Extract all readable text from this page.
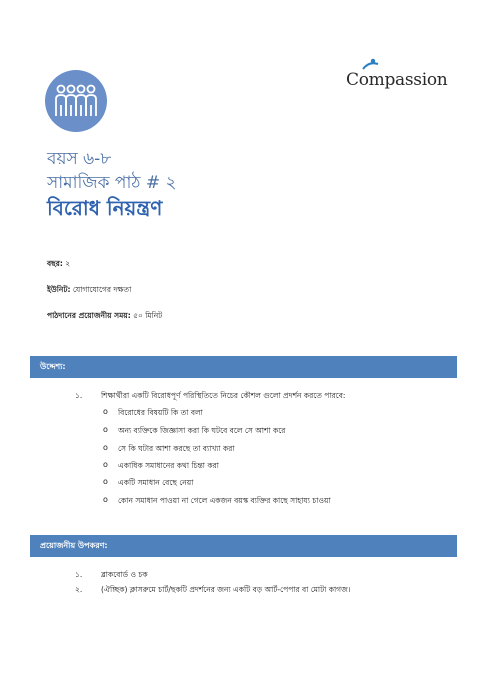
Compassion
বয়স ৬-৮
সামাজিক পাঠ # ২
বিরোধ নিয়ন্ত্রণ
বছর: ২
ইউনিট: যোগাযোগের দক্ষতা
পাঠদানের প্রয়োজনীয় সময়: ৫০ মিনিট
উদ্দেশ্য:
১. শিক্ষার্থীরা একটি বিরোধপূর্ণ পরিস্থিতিতে নিচের কৌশল গুলো প্রদর্শন করতে পারবে:
o বিরোধের বিষয়টি কি তা বলা
o অন্য ব্যক্তিকে জিজ্ঞাসা করা কি ঘটবে বলে সে আশা করে
o সে কি ঘটার আশা করছে তা ব্যাখ্যা করা
o একাধিক সমাধানের কথা চিন্তা করা
o একটি সমাধান বেছে নেয়া
o কোন সমাধান পাওয়া না গেলে একজন বয়স্ক ব্যক্তির কাছে সাহায্য চাওয়া
প্রয়োজনীয় উপকরণ:
১. ব্লাকবোর্ড ও চক
২. (ঐচ্ছিক) ক্লাসরুমে চার্ট/ছকটি প্রদর্শনের জন্য একটি বড় আর্ট-পেপার বা মোটা কাগজ।
